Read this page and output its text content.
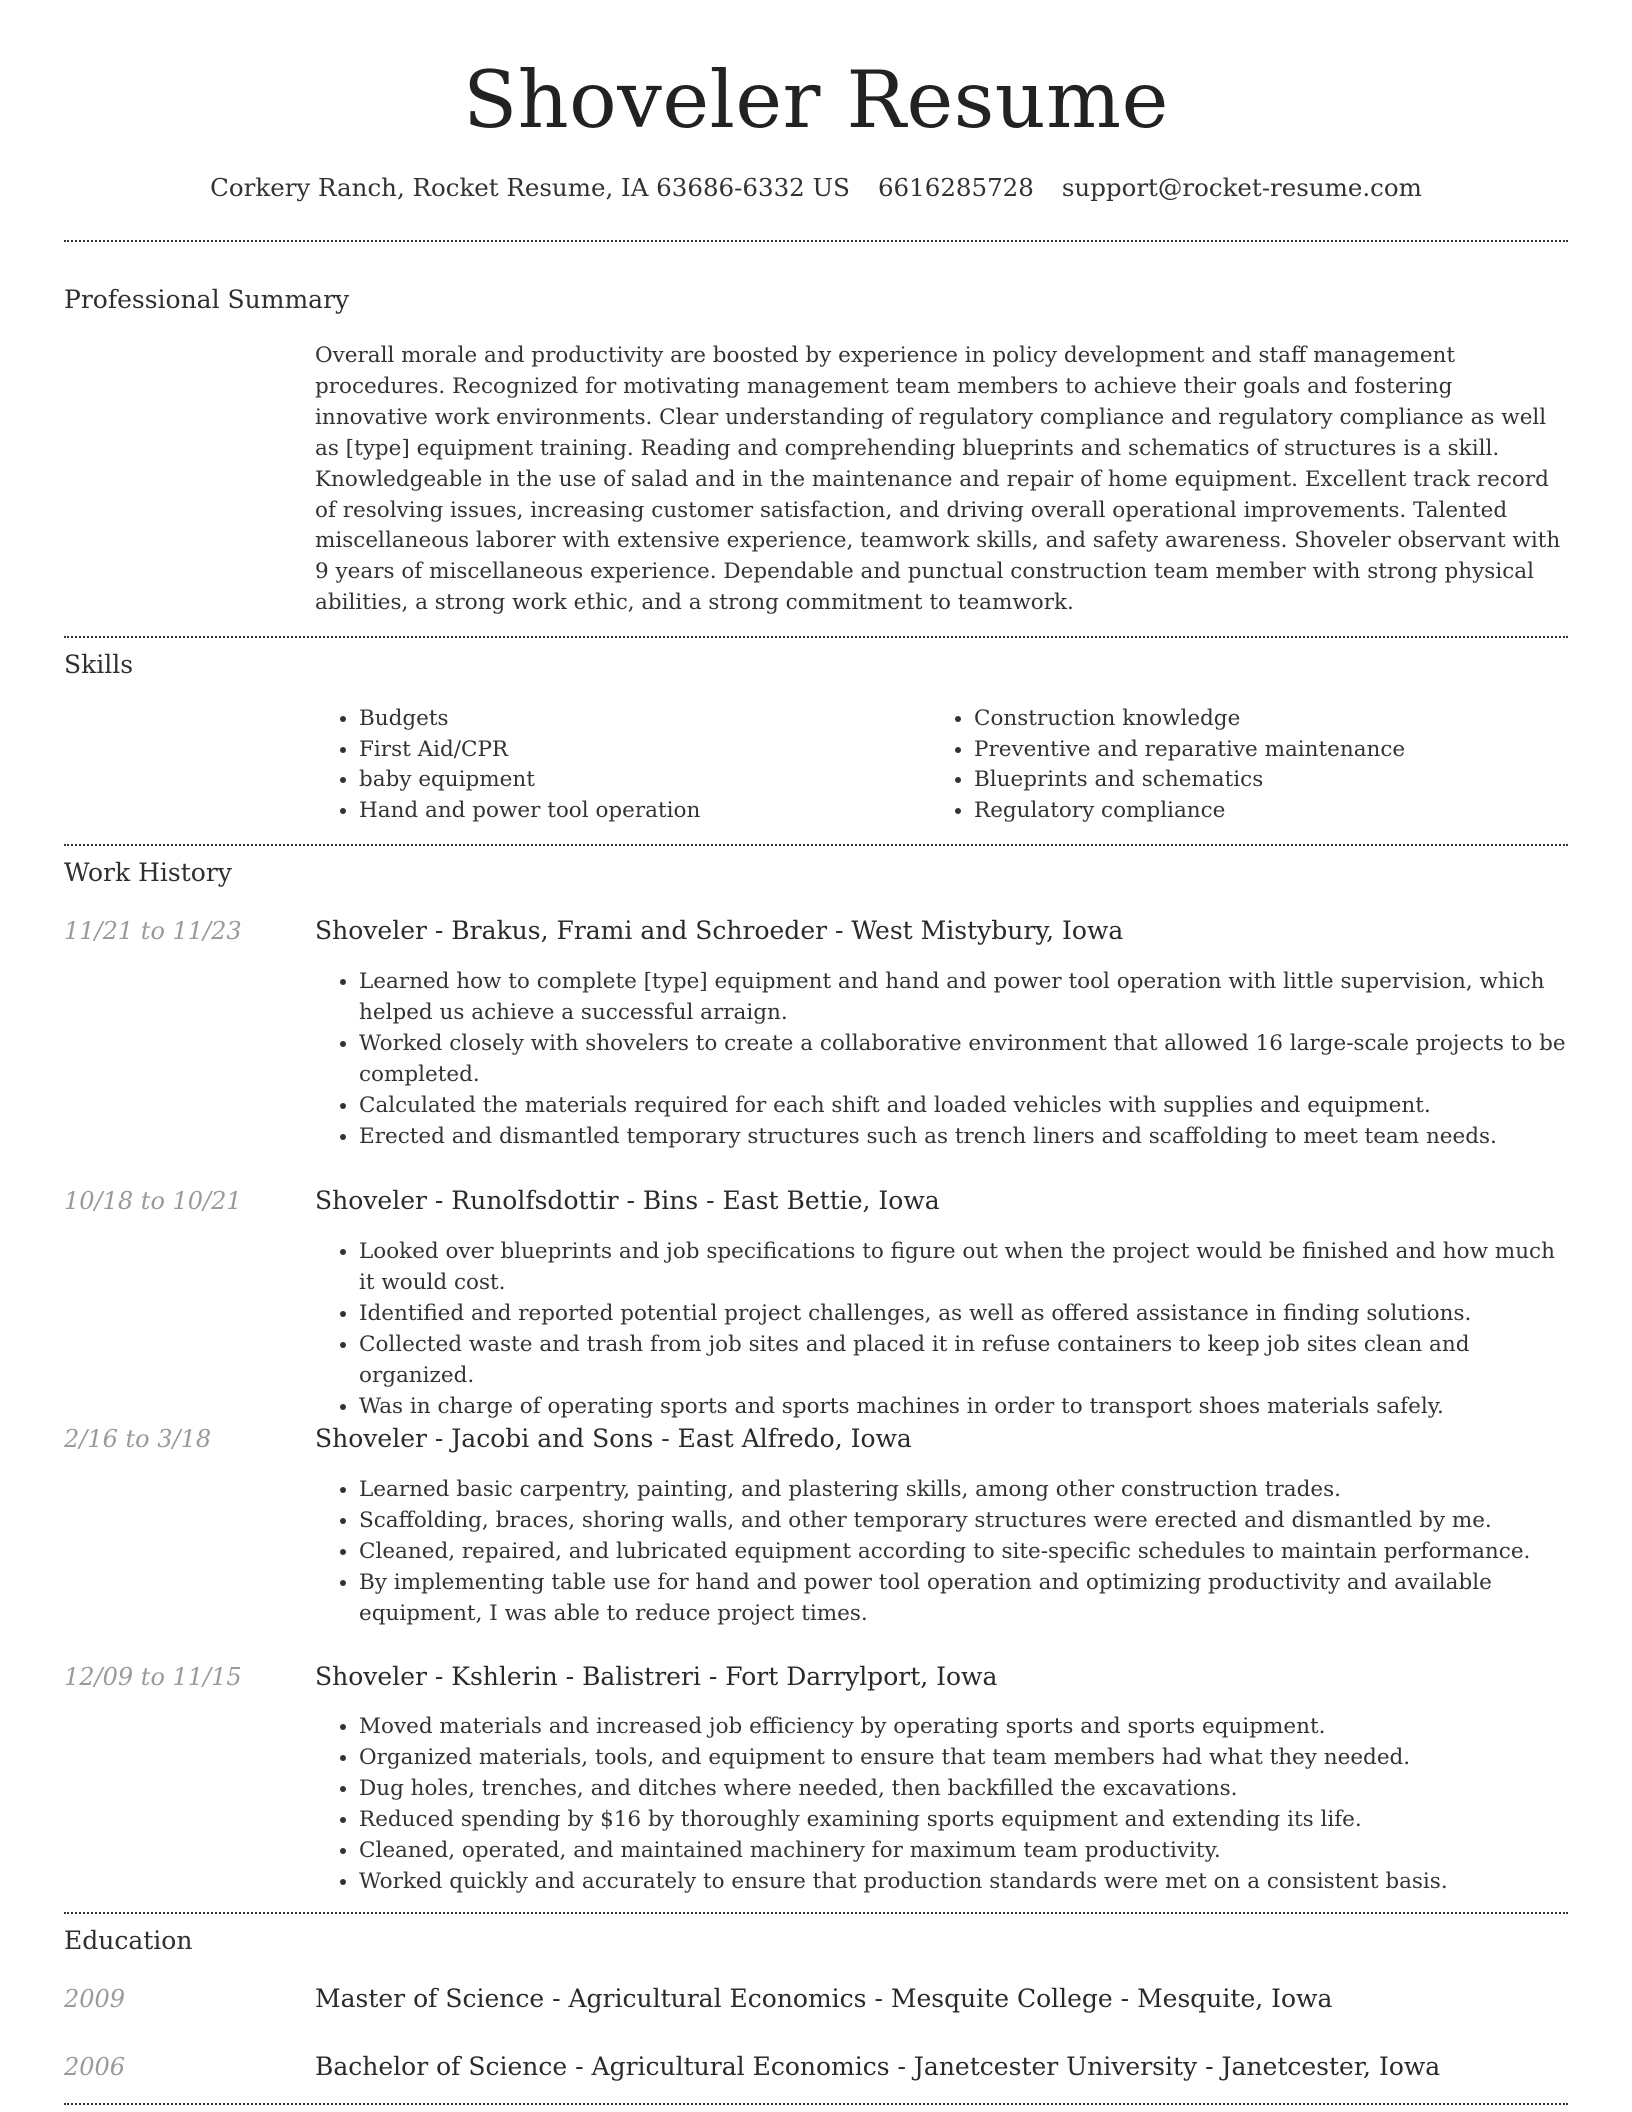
Shoveler Resume
Corkery Ranch, Rocket Resume, IA 63686-6332 US 6616285728 support@rocket-resume.com
Professional Summary
Overall morale and productivity are boosted by experience in policy development and staff management procedures. Recognized for motivating management team members to achieve their goals and fostering innovative work environments. Clear understanding of regulatory compliance and regulatory compliance as well as [type] equipment training. Reading and comprehending blueprints and schematics of structures is a skill. Knowledgeable in the use of salad and in the maintenance and repair of home equipment. Excellent track record of resolving issues, increasing customer satisfaction, and driving overall operational improvements. Talented miscellaneous laborer with extensive experience, teamwork skills, and safety awareness. Shoveler observant with 9 years of miscellaneous experience. Dependable and punctual construction team member with strong physical abilities, a strong work ethic, and a strong commitment to teamwork.
Skills
• Budgets
• First Aid/CPR
• baby equipment
• Hand and power tool operation
• Construction knowledge
• Preventive and reparative maintenance
• Blueprints and schematics
• Regulatory compliance
Work History
11/21 to 11/23	Shoveler - Brakus, Frami and Schroeder - West Mistybury, Iowa
• Learned how to complete [type] equipment and hand and power tool operation with little supervision, which helped us achieve a successful arraign.
• Worked closely with shovelers to create a collaborative environment that allowed 16 large-scale projects to be completed.
• Calculated the materials required for each shift and loaded vehicles with supplies and equipment.
• Erected and dismantled temporary structures such as trench liners and scaffolding to meet team needs.
10/18 to 10/21	Shoveler - Runolfsdottir - Bins - East Bettie, Iowa
• Looked over blueprints and job specifications to figure out when the project would be finished and how much it would cost.
• Identified and reported potential project challenges, as well as offered assistance in finding solutions.
• Collected waste and trash from job sites and placed it in refuse containers to keep job sites clean and organized.
• Was in charge of operating sports and sports machines in order to transport shoes materials safely.
2/16 to 3/18	Shoveler - Jacobi and Sons - East Alfredo, Iowa
• Learned basic carpentry, painting, and plastering skills, among other construction trades.
• Scaffolding, braces, shoring walls, and other temporary structures were erected and dismantled by me.
• Cleaned, repaired, and lubricated equipment according to site-specific schedules to maintain performance.
• By implementing table use for hand and power tool operation and optimizing productivity and available equipment, I was able to reduce project times.
12/09 to 11/15	Shoveler - Kshlerin - Balistreri - Fort Darrylport, Iowa
• Moved materials and increased job efficiency by operating sports and sports equipment.
• Organized materials, tools, and equipment to ensure that team members had what they needed.
• Dug holes, trenches, and ditches where needed, then backfilled the excavations.
• Reduced spending by $16 by thoroughly examining sports equipment and extending its life.
• Cleaned, operated, and maintained machinery for maximum team productivity.
• Worked quickly and accurately to ensure that production standards were met on a consistent basis.
Education
2009	Master of Science - Agricultural Economics - Mesquite College - Mesquite, Iowa
2006	Bachelor of Science - Agricultural Economics - Janetcester University - Janetcester, Iowa
